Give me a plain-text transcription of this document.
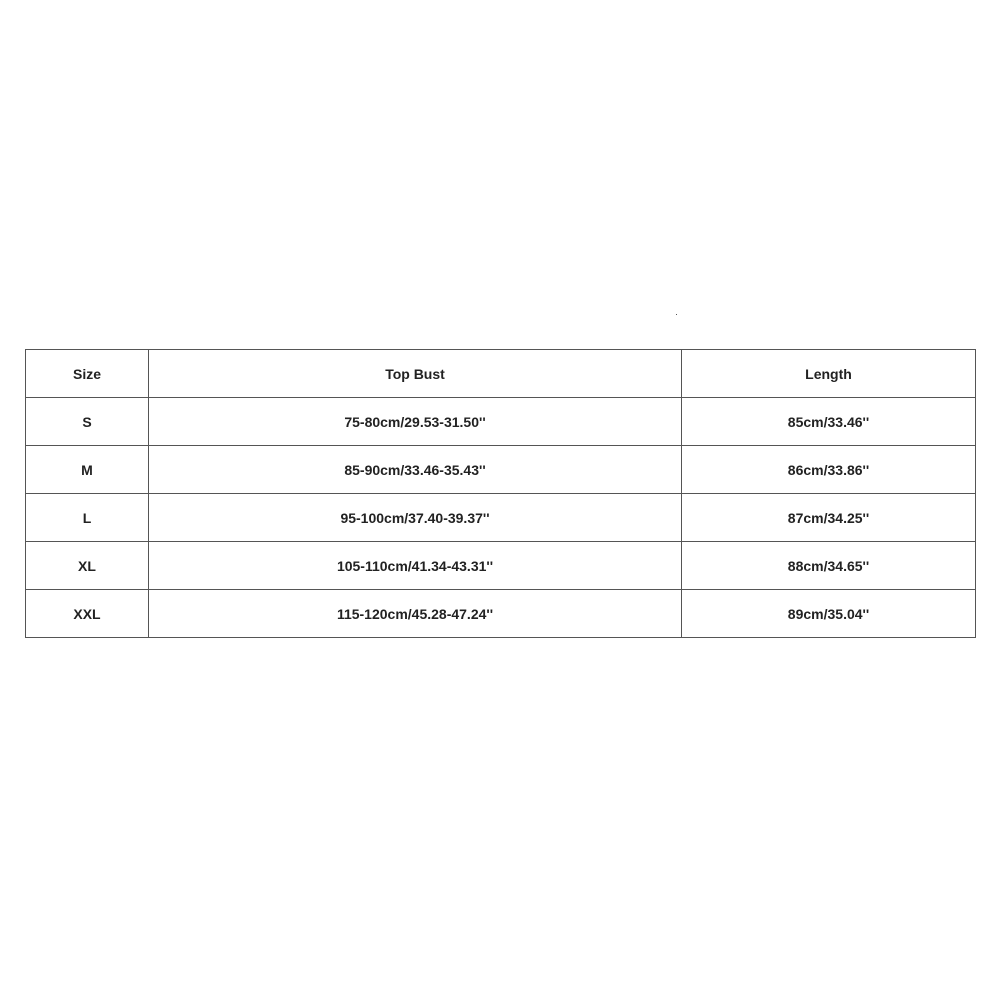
Size	Top Bust	Length
S	75-80cm/29.53-31.50''	85cm/33.46''
M	85-90cm/33.46-35.43''	86cm/33.86''
L	95-100cm/37.40-39.37''	87cm/34.25''
XL	105-110cm/41.34-43.31''	88cm/34.65''
XXL	115-120cm/45.28-47.24''	89cm/35.04''
